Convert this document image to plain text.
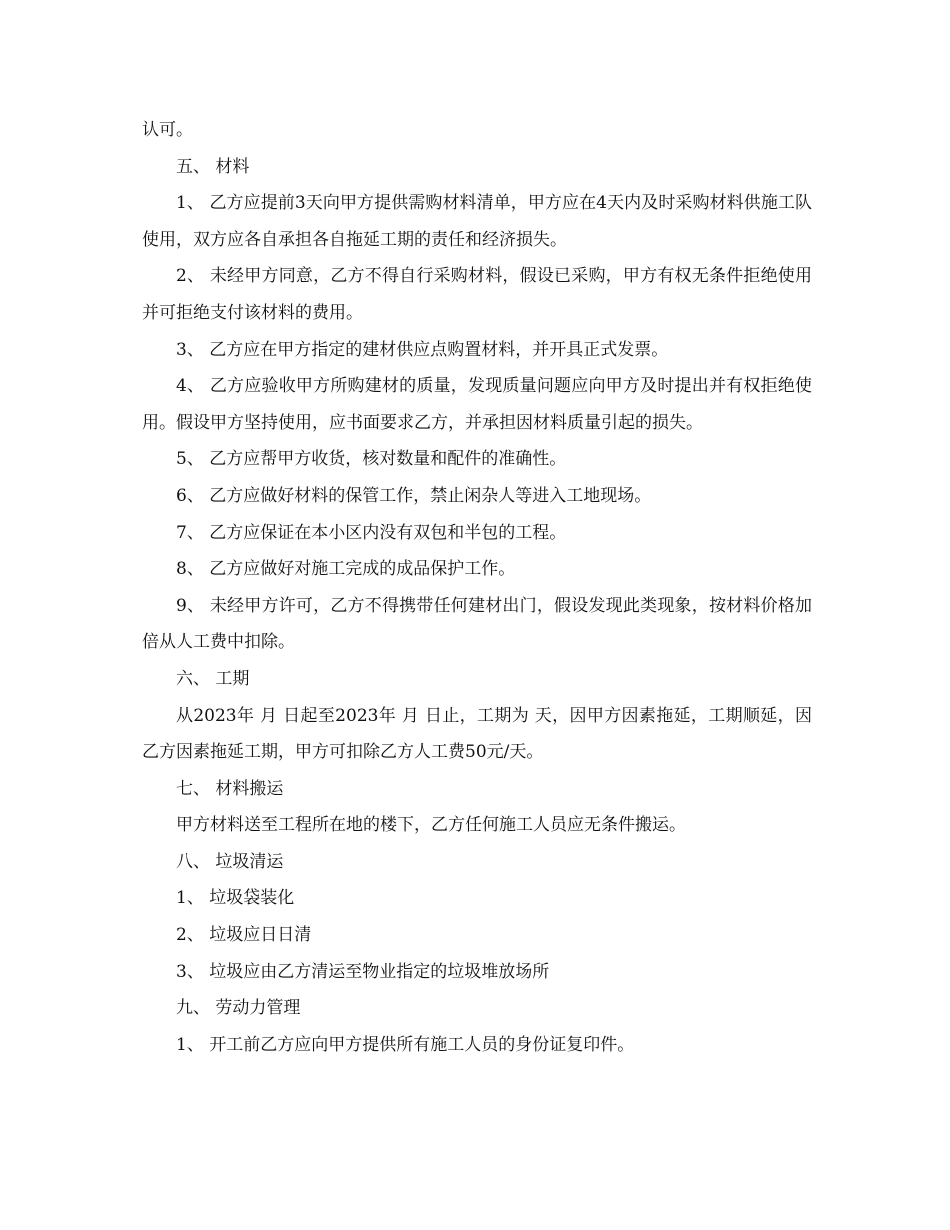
认可。

五、 材料

1、 乙方应提前3天向甲方提供需购材料清单，甲方应在4天内及时采购材料供施工队使用，双方应各自承担各自拖延工期的责任和经济损失。

2、 未经甲方同意，乙方不得自行采购材料，假设已采购，甲方有权无条件拒绝使用并可拒绝支付该材料的费用。

3、 乙方应在甲方指定的建材供应点购置材料，并开具正式发票。

4、 乙方应验收甲方所购建材的质量，发现质量问题应向甲方及时提出并有权拒绝使用。假设甲方坚持使用，应书面要求乙方，并承担因材料质量引起的损失。

5、 乙方应帮甲方收货，核对数量和配件的准确性。

6、 乙方应做好材料的保管工作，禁止闲杂人等进入工地现场。

7、 乙方应保证在本小区内没有双包和半包的工程。

8、 乙方应做好对施工完成的成品保护工作。

9、 未经甲方许可，乙方不得携带任何建材出门，假设发现此类现象，按材料价格加倍从人工费中扣除。

六、 工期

从2023年 月 日起至2023年 月 日止，工期为 天，因甲方因素拖延，工期顺延，因乙方因素拖延工期，甲方可扣除乙方人工费50元/天。

七、 材料搬运

甲方材料送至工程所在地的楼下，乙方任何施工人员应无条件搬运。

八、 垃圾清运

1、 垃圾袋装化

2、 垃圾应日日清

3、 垃圾应由乙方清运至物业指定的垃圾堆放场所

九、 劳动力管理

1、 开工前乙方应向甲方提供所有施工人员的身份证复印件。
